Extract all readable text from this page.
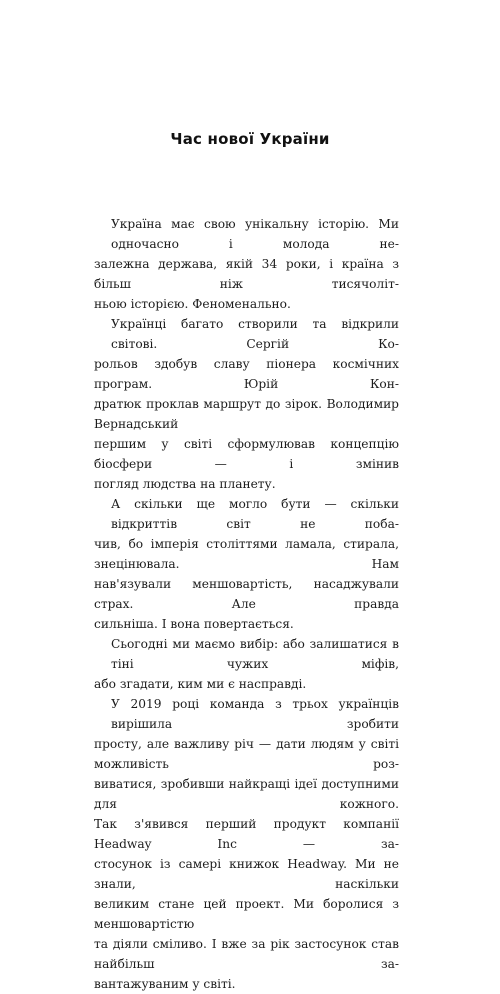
Час нової України
Україна має свою унікальну історію. Ми одночасно і молода не-
залежна держава, якій 34 роки, і країна з більш ніж тисячоліт-
ньою історією. Феноменально.
Українці багато створили та відкрили світові. Сергій Ко-
рольов здобув славу піонера космічних програм. Юрій Кон-
дратюк проклав маршрут до зірок. Володимир Вернадський
першим у світі сформулював концепцію біосфери — і змінив
погляд людства на планету.
А скільки ще могло бути — скільки відкриттів світ не поба-
чив, бо імперія століттями ламала, стирала, знецінювала. Нам
нав'язували меншовартість, насаджували страх. Але правда
сильніша. І вона повертається.
Сьогодні ми маємо вибір: або залишатися в тіні чужих міфів,
або згадати, ким ми є насправді.
У 2019 році команда з трьох українців вирішила зробити
просту, але важливу річ — дати людям у світі можливість роз-
виватися, зробивши найкращі ідеї доступними для кожного.
Так з'явився перший продукт компанії Headway Inc — за-
стосунок із самері книжок Headway. Ми не знали, наскільки
великим стане цей проект. Ми боролися з меншовартістю
та діяли сміливо. І вже за рік застосунок став найбільш за-
вантажуваним у світі.
